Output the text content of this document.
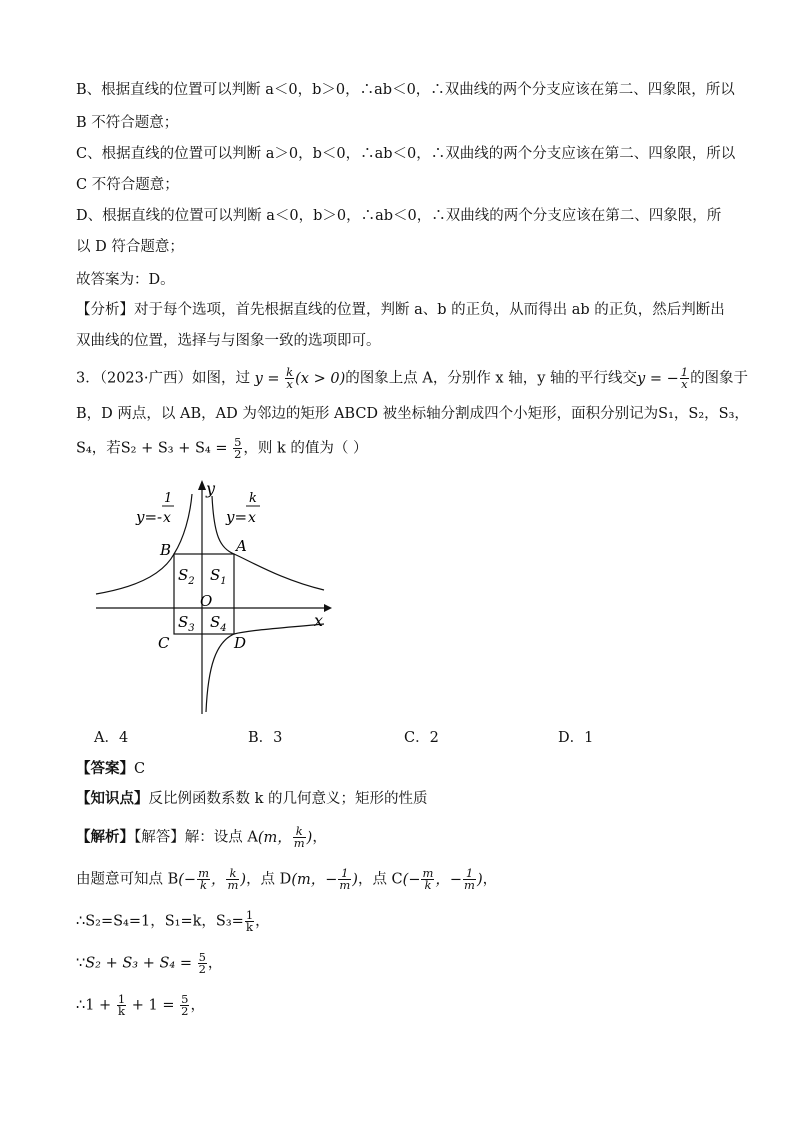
B、根据直线的位置可以判断 a＜0，b＞0，∴ab＜0，∴双曲线的两个分支应该在第二、四象限，所以
B 不符合题意；
C、根据直线的位置可以判断 a＞0，b＜0，∴ab＜0，∴双曲线的两个分支应该在第二、四象限，所以
C 不符合题意；
D、根据直线的位置可以判断 a＜0，b＞0，∴ab＜0，∴双曲线的两个分支应该在第二、四象限，所
以 D 符合题意；
故答案为：D。
【分析】对于每个选项，首先根据直线的位置，判断 a、b 的正负，从而得出 ab 的正负，然后判断出
双曲线的位置，选择与与图象一致的选项即可。
3．（2023·广西）如图，过 $y = \frac{k}{x} (x > 0)$的图象上点 A，分别作 x 轴，y 轴的平行线交y = − $\frac{1}{x}$ 的图象于
B，D 两点，以 AB，AD 为邻边的矩形 ABCD 被坐标轴分割成四个小矩形，面积分别记为S₁，S₂，S₃，
S₄，若$S_2 + S_3 + S_4 = \frac{5}{2}$ ，则 k 的值为（ ）
y=-
1
x	y=
k
x
y
x
B	A
C	D
O
$S_2$ $S_1$
$S_3$ $S_4$
A．4	B．3	C．2	D．1
【答案】C
【知识点】反比例函数系数 k 的几何意义；矩形的性质
【解析】【解答】解：设点 A(m， $\frac{k}{m}$ )，
由题意可知点 $B(- \frac{m}{k}$ ， $\frac{k}{m}$ )，点 D(m，− $\frac{1}{m}$ )，点 $C(- \frac{m}{k}$ ，− $\frac{1}{m}$ )，
∴S₂=S₄=1，S₁=k，$S_3= \frac{1}{k}$ ，
∵S₂ + $S_3 + S_4 = \frac{5}{2}$ ，
∴1 + $\frac{1}{k} + 1 = \frac{5}{2}$ ，
